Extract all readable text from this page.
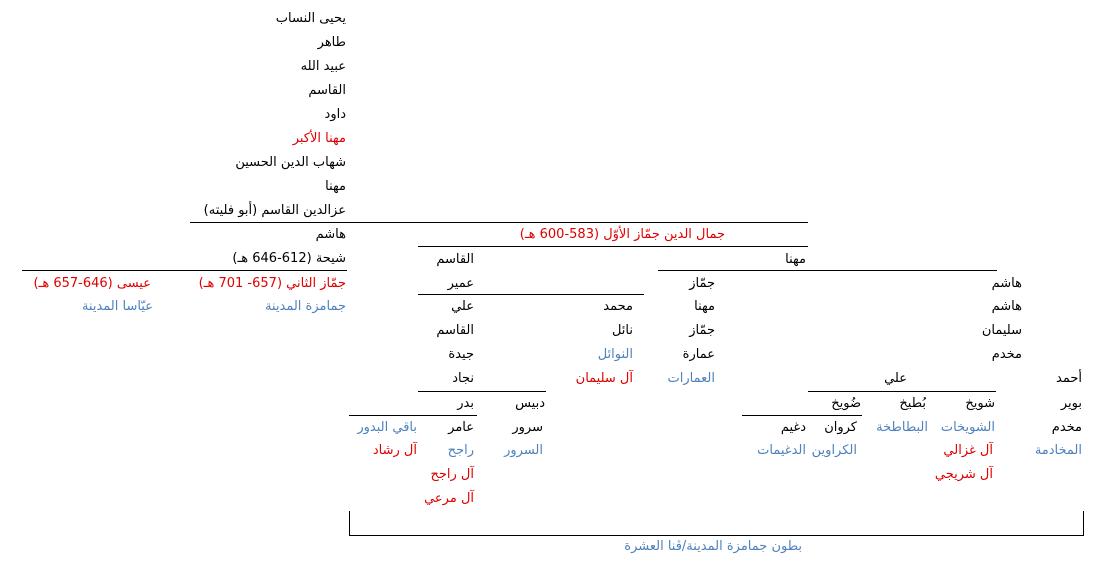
يحيى النساب
طاهر
عبيد الله
القاسم
داود
مهنا الأكبر
شهاب الدين الحسين
مهنا
عزالدين القاسم (أبو فليته)
هاشم
شيحة (612-646 هـ)
جمّاز الثاني (657- 701 هـ)
جمامزة المدينة
عيسى (646-657 هـ)
عيّاسا المدينة
جمال الدين جمّاز الأوّل (583-600 هـ)
القاسم
عمير
علي
القاسم
جيدة
نجاد
محمد
نائل
النوائل
آل سليمان
بدر
عامر
راجح
آل راجح
آل مرعي
باقي البدور
آل رشاد
دبيس
سرور
السرور
مهنا
جمّاز
مهنا
جمّاز
عمارة
العمارات
هاشم
هاشم
سليمان
مخدم
علي	أحمد
بوير
مخدم
المخادمة
شويخ
الشويخات
آل غزالي
آل شريجي
بُطيخ
البطاطخة
ضُويخ
كروان
الكراوين
دغيم
الدغيمات
بطون جمامزة المدينة/ڤنا العشرة
